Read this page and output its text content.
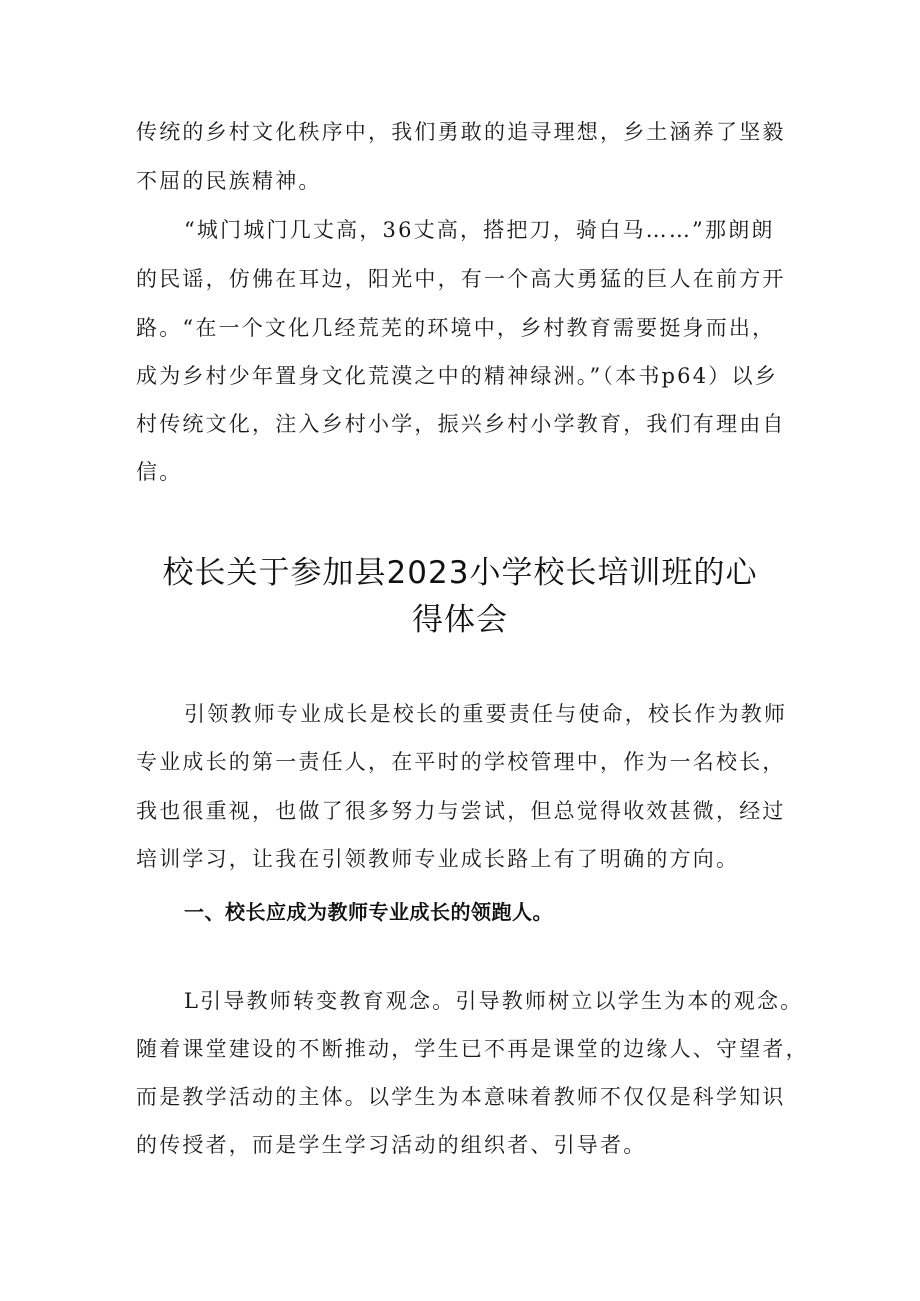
传统的乡村文化秩序中，我们勇敢的追寻理想，乡土涵养了坚毅
不屈的民族精神。
“城门城门几丈高，36丈高，搭把刀，骑白马……”那朗朗
的民谣，仿佛在耳边，阳光中，有一个高大勇猛的巨人在前方开
路。“在一个文化几经荒芜的环境中，乡村教育需要挺身而出，
成为乡村少年置身文化荒漠之中的精神绿洲。”（本书p64）以乡
村传统文化，注入乡村小学，振兴乡村小学教育，我们有理由自
信。
校长关于参加县2023小学校长培训班的心
得体会
引领教师专业成长是校长的重要责任与使命，校长作为教师
专业成长的第一责任人，在平时的学校管理中，作为一名校长，
我也很重视，也做了很多努力与尝试，但总觉得收效甚微，经过
培训学习，让我在引领教师专业成长路上有了明确的方向。
一、校长应成为教师专业成长的领跑人。
L引导教师转变教育观念。引导教师树立以学生为本的观念。
随着课堂建设的不断推动，学生已不再是课堂的边缘人、守望者，
而是教学活动的主体。以学生为本意味着教师不仅仅是科学知识
的传授者，而是学生学习活动的组织者、引导者。
